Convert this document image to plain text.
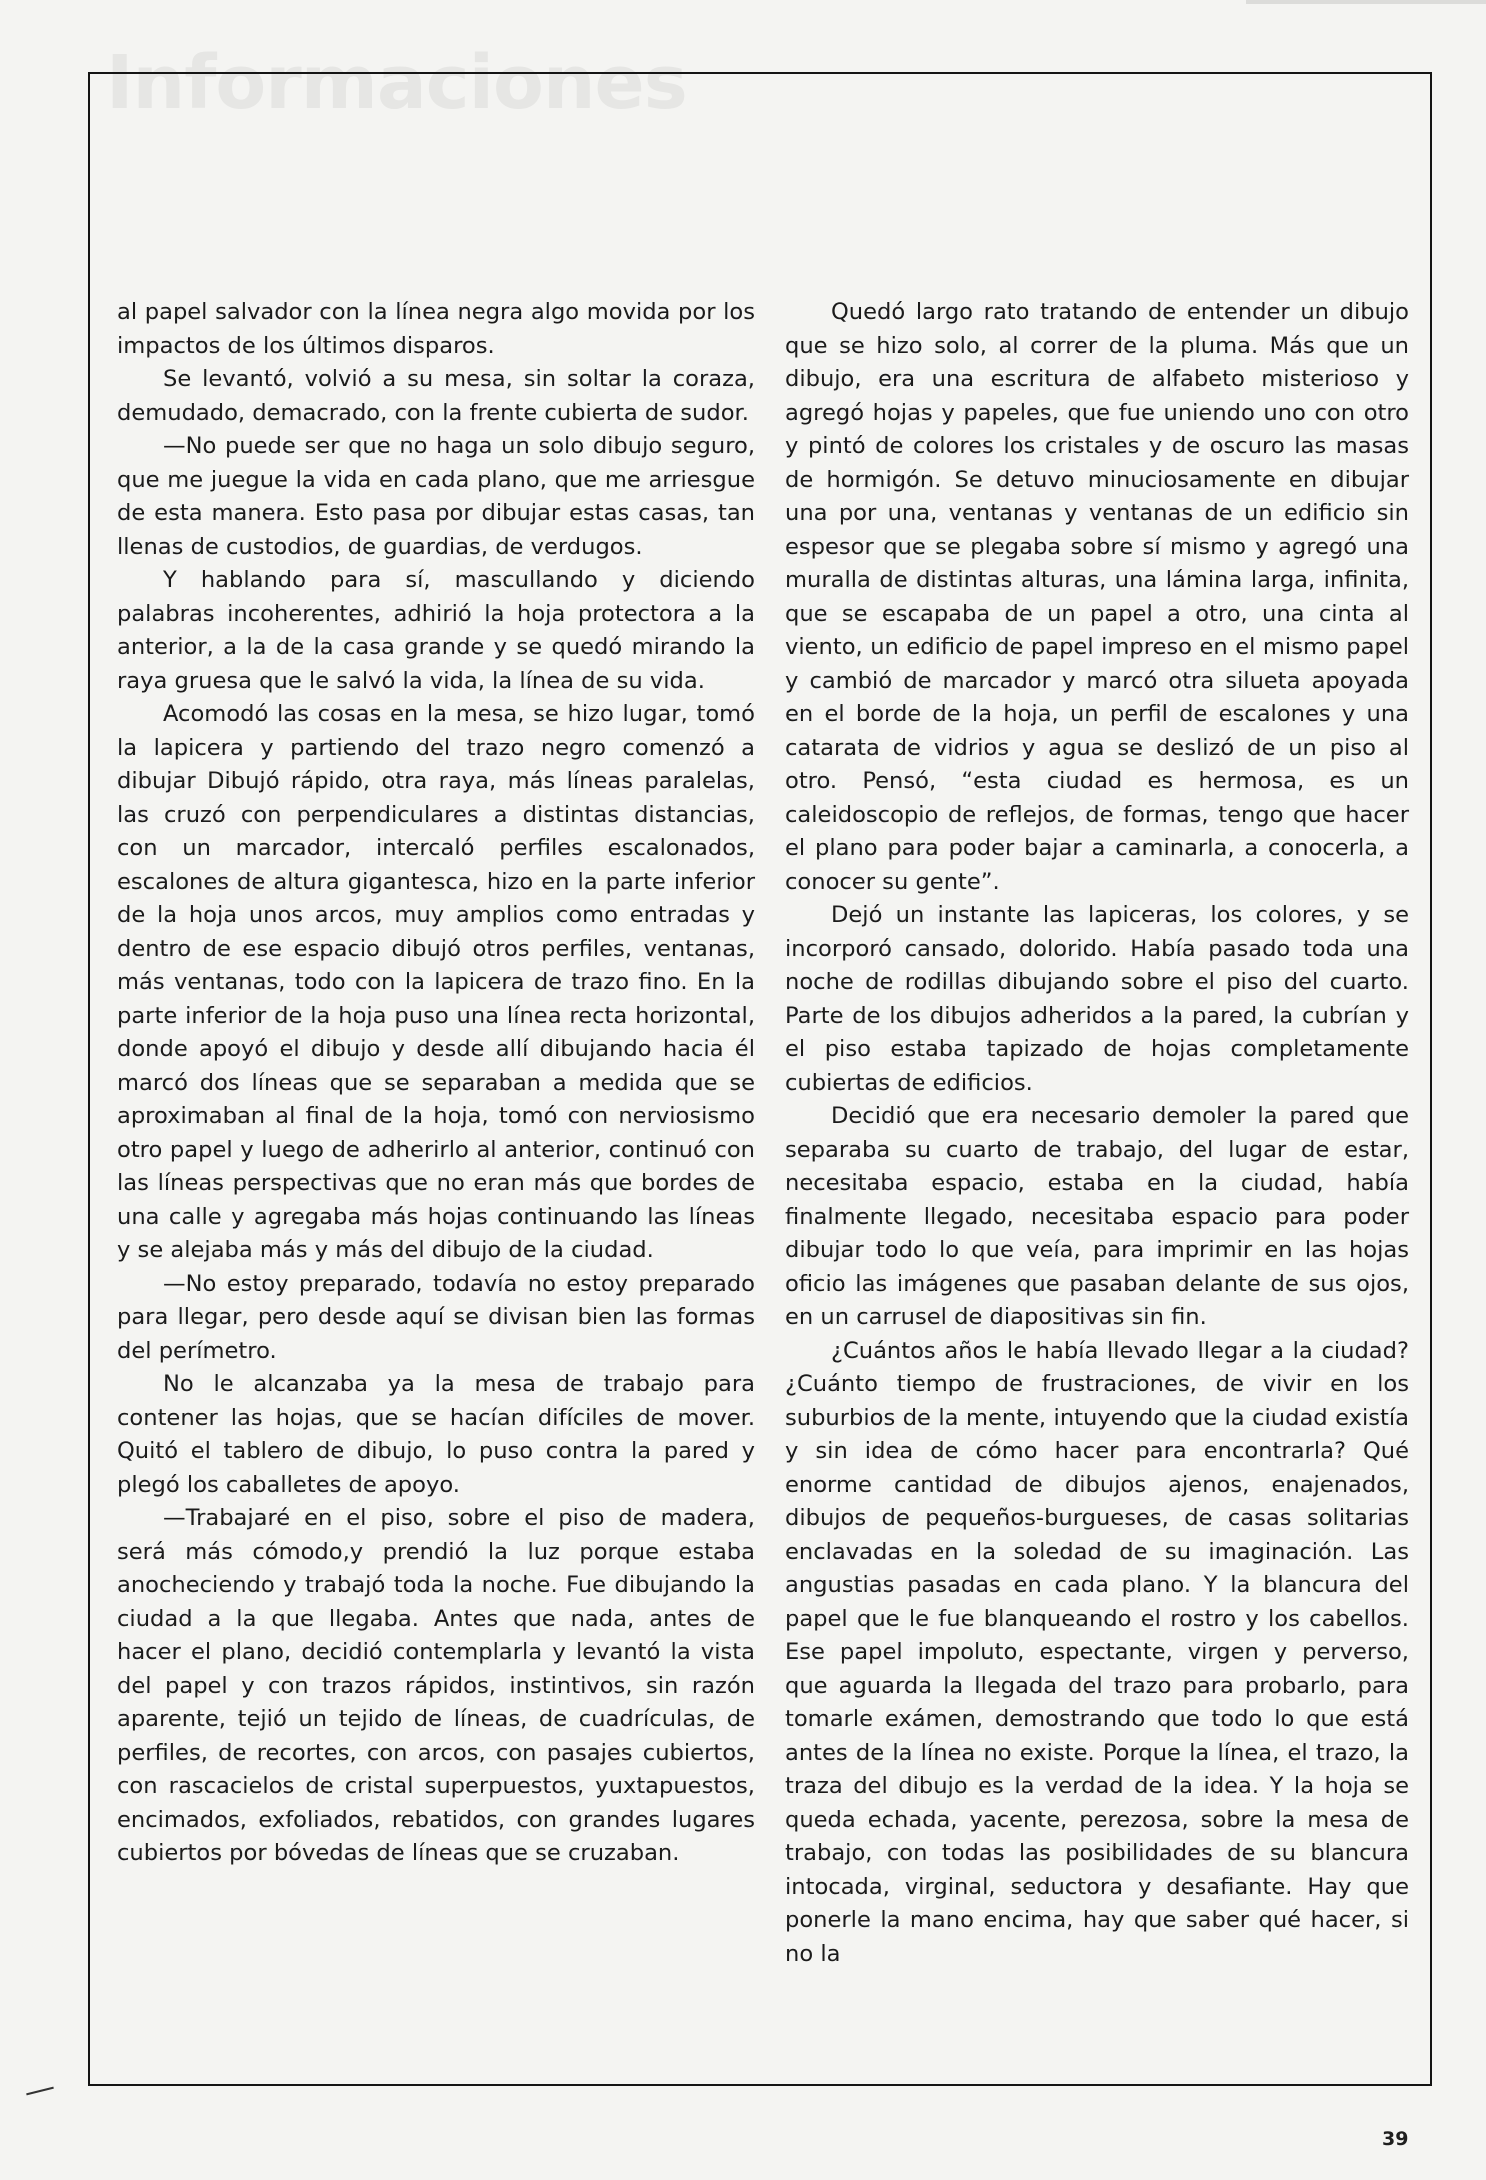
Informaciones

al papel salvador con la línea negra algo movida por los impactos de los últimos disparos.

Se levantó, volvió a su mesa, sin soltar la coraza, demudado, demacrado, con la frente cubierta de sudor.

—No puede ser que no haga un solo dibujo seguro, que me juegue la vida en cada plano, que me arriesgue de esta manera. Esto pasa por dibujar estas casas, tan llenas de custodios, de guardias, de verdugos.

Y hablando para sí, mascullando y diciendo palabras incoherentes, adhirió la hoja protectora a la anterior, a la de la casa grande y se quedó mirando la raya gruesa que le salvó la vida, la línea de su vida.

Acomodó las cosas en la mesa, se hizo lugar, tomó la lapicera y partiendo del trazo negro comenzó a dibujar Dibujó rápido, otra raya, más líneas paralelas, las cruzó con perpendiculares a distintas distancias, con un marcador, intercaló perfiles escalonados, escalones de altura gigantesca, hizo en la parte inferior de la hoja unos arcos, muy amplios como entradas y dentro de ese espacio dibujó otros perfiles, ventanas, más ventanas, todo con la lapicera de trazo fino. En la parte inferior de la hoja puso una línea recta horizontal, donde apoyó el dibujo y desde allí dibujando hacia él marcó dos líneas que se separaban a medida que se aproximaban al final de la hoja, tomó con nerviosismo otro papel y luego de adherirlo al anterior, continuó con las líneas perspectivas que no eran más que bordes de una calle y agregaba más hojas continuando las líneas y se alejaba más y más del dibujo de la ciudad.

—No estoy preparado, todavía no estoy preparado para llegar, pero desde aquí se divisan bien las formas del perímetro.

No le alcanzaba ya la mesa de trabajo para contener las hojas, que se hacían difíciles de mover. Quitó el tablero de dibujo, lo puso contra la pared y plegó los caballetes de apoyo.

—Trabajaré en el piso, sobre el piso de madera, será más cómodo,y prendió la luz porque estaba anocheciendo y trabajó toda la noche. Fue dibujando la ciudad a la que llegaba. Antes que nada, antes de hacer el plano, decidió contemplarla y levantó la vista del papel y con trazos rápidos, instintivos, sin razón aparente, tejió un tejido de líneas, de cuadrículas, de perfiles, de recortes, con arcos, con pasajes cubiertos, con rascacielos de cristal superpuestos, yuxtapuestos, encimados, exfoliados, rebatidos, con grandes lugares cubiertos por bóvedas de líneas que se cruzaban.

Quedó largo rato tratando de entender un dibujo que se hizo solo, al correr de la pluma. Más que un dibujo, era una escritura de alfabeto misterioso y agregó hojas y papeles, que fue uniendo uno con otro y pintó de colores los cristales y de oscuro las masas de hormigón. Se detuvo minuciosamente en dibujar una por una, ventanas y ventanas de un edificio sin espesor que se plegaba sobre sí mismo y agregó una muralla de distintas alturas, una lámina larga, infinita, que se escapaba de un papel a otro, una cinta al viento, un edificio de papel impreso en el mismo papel y cambió de marcador y marcó otra silueta apoyada en el borde de la hoja, un perfil de escalones y una catarata de vidrios y agua se deslizó de un piso al otro. Pensó, “esta ciudad es hermosa, es un caleidoscopio de reflejos, de formas, tengo que hacer el plano para poder bajar a caminarla, a conocerla, a conocer su gente”.

Dejó un instante las lapiceras, los colores, y se incorporó cansado, dolorido. Había pasado toda una noche de rodillas dibujando sobre el piso del cuarto. Parte de los dibujos adheridos a la pared, la cubrían y el piso estaba tapizado de hojas completamente cubiertas de edificios.

Decidió que era necesario demoler la pared que separaba su cuarto de trabajo, del lugar de estar, necesitaba espacio, estaba en la ciudad, había finalmente llegado, necesitaba espacio para poder dibujar todo lo que veía, para imprimir en las hojas oficio las imágenes que pasaban delante de sus ojos, en un carrusel de diapositivas sin fin.

¿Cuántos años le había llevado llegar a la ciudad? ¿Cuánto tiempo de frustraciones, de vivir en los suburbios de la mente, intuyendo que la ciudad existía y sin idea de cómo hacer para encontrarla? Qué enorme cantidad de dibujos ajenos, enajenados, dibujos de pequeños-burgueses, de casas solitarias enclavadas en la soledad de su imaginación. Las angustias pasadas en cada plano. Y la blancura del papel que le fue blanqueando el rostro y los cabellos. Ese papel impoluto, espectante, virgen y perverso, que aguarda la llegada del trazo para probarlo, para tomarle exámen, demostrando que todo lo que está antes de la línea no existe. Porque la línea, el trazo, la traza del dibujo es la verdad de la idea. Y la hoja se queda echada, yacente, perezosa, sobre la mesa de trabajo, con todas las posibilidades de su blancura intocada, virginal, seductora y desafiante. Hay que ponerle la mano encima, hay que saber qué hacer, si no la

39
